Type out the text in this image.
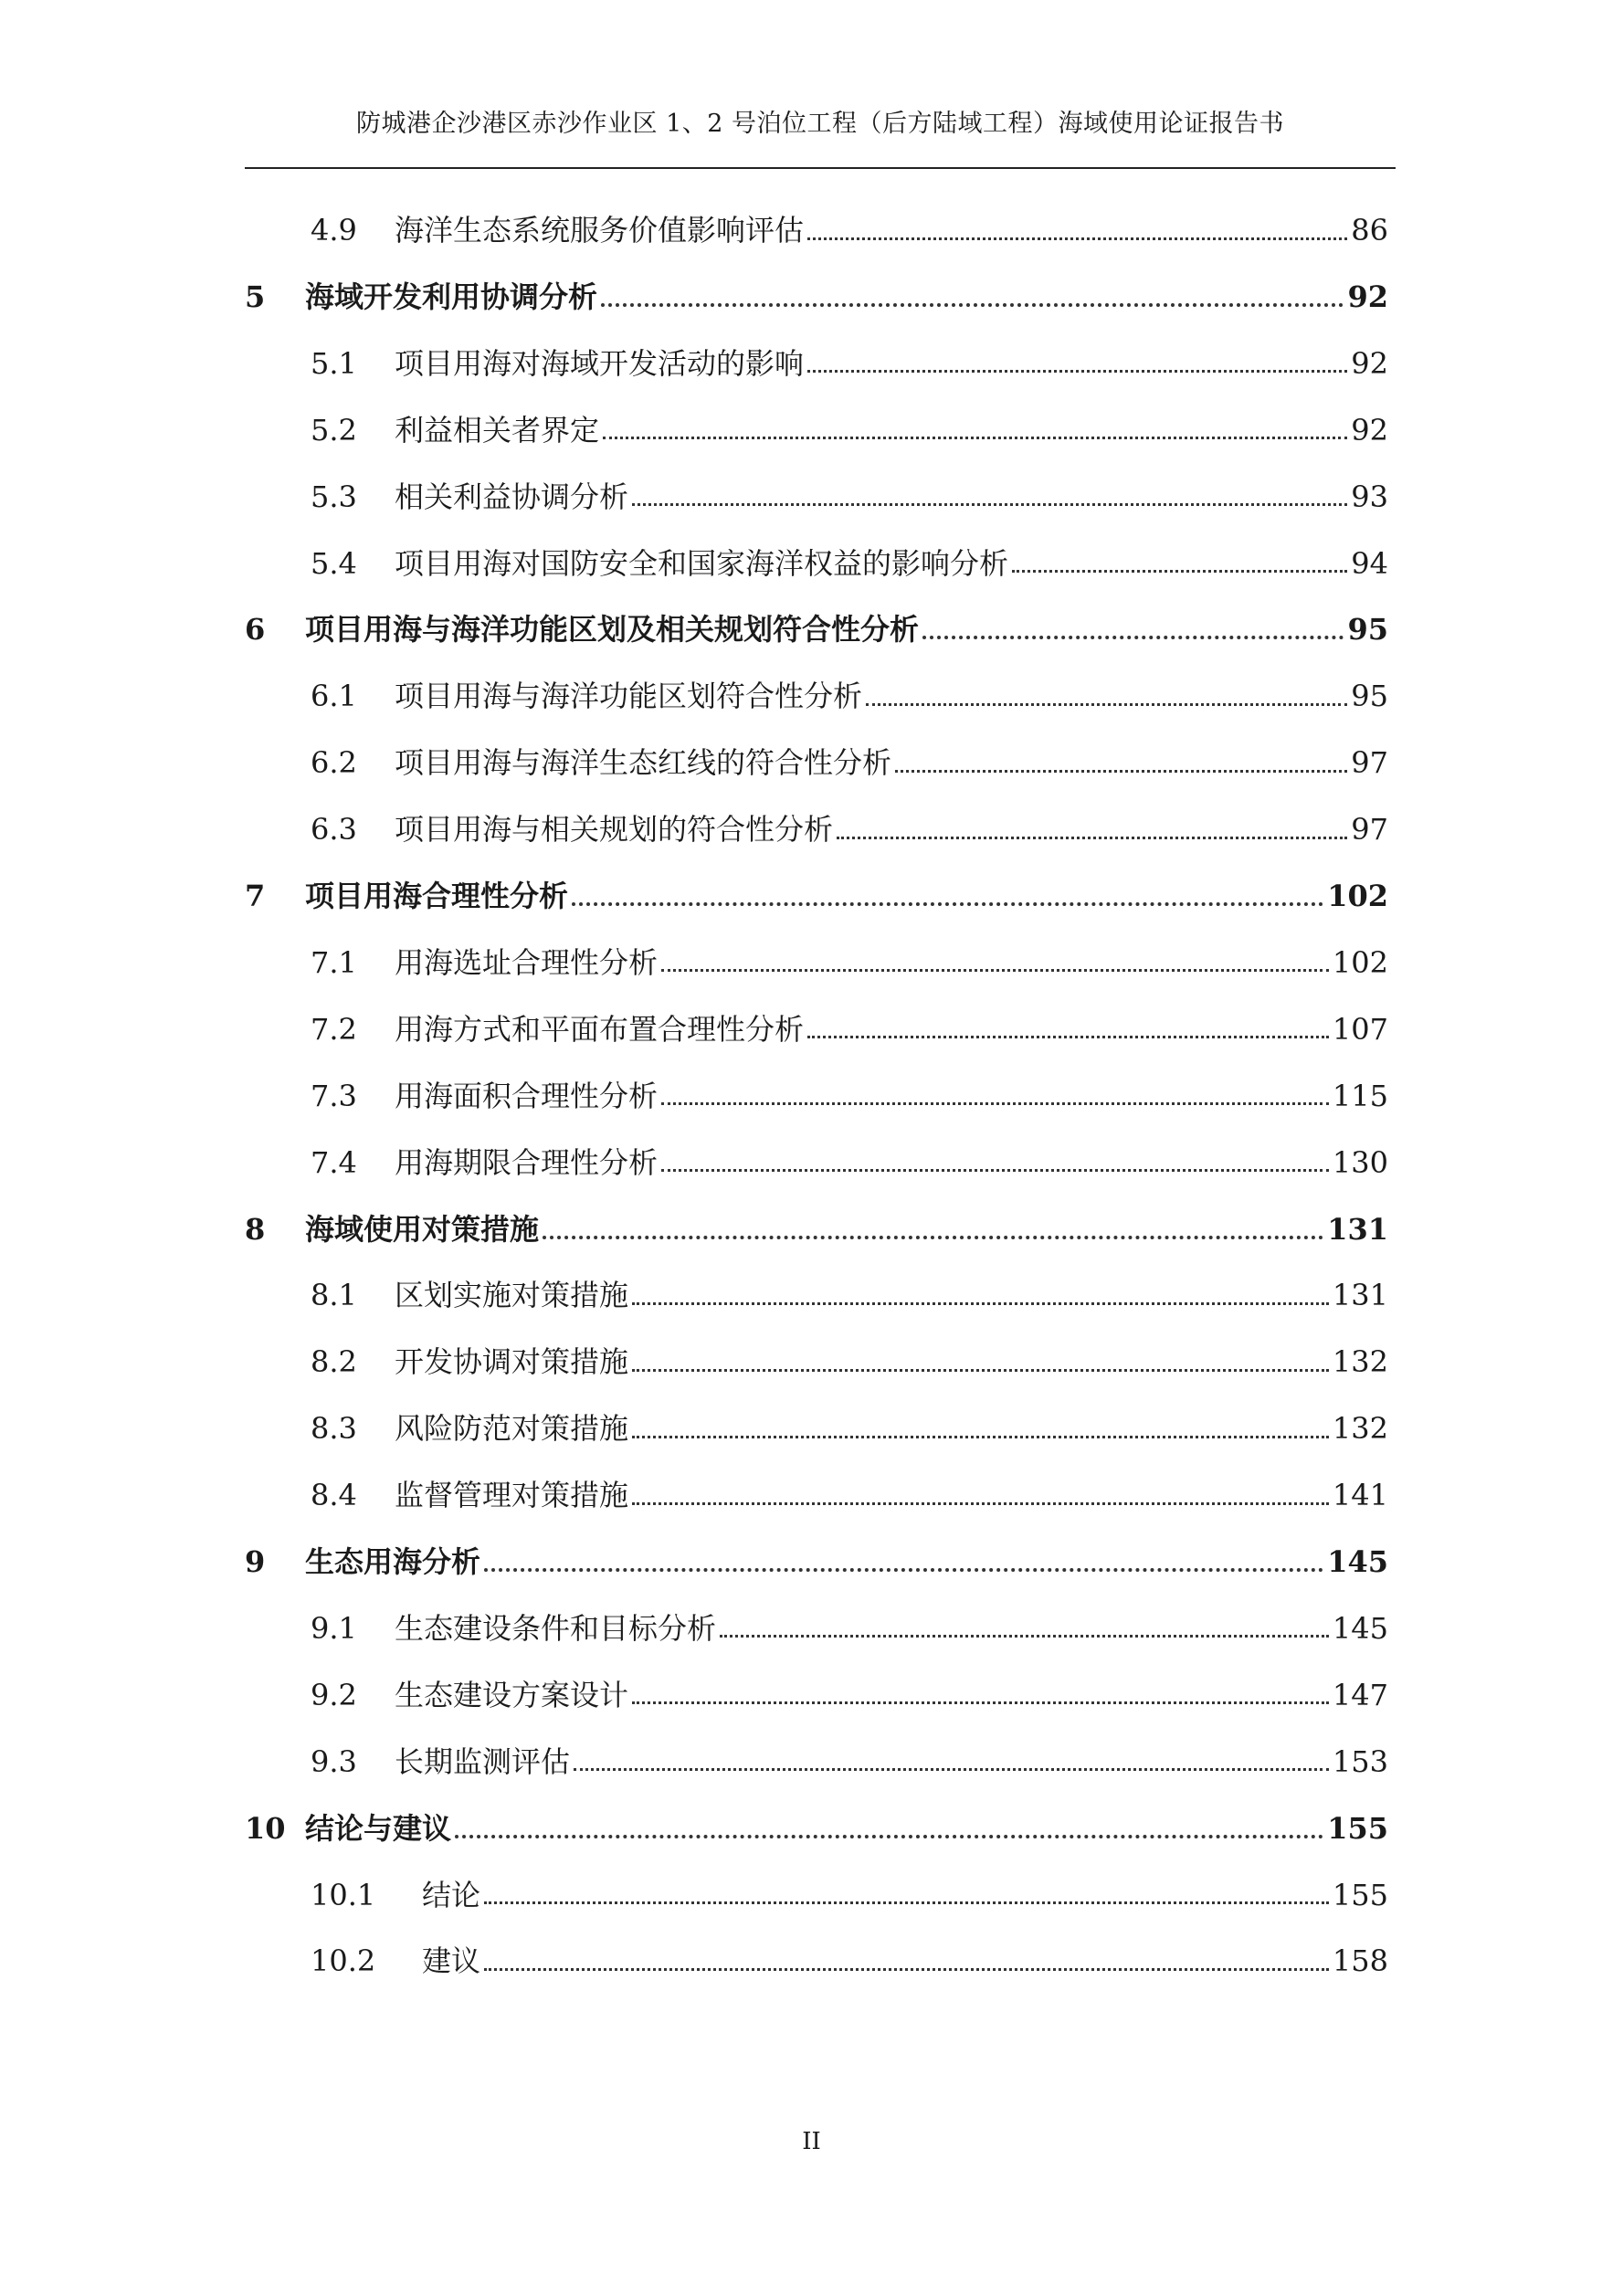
防城港企沙港区赤沙作业区 1、2 号泊位工程（后方陆域工程）海域使用论证报告书
4.9	海洋生态系统服务价值影响评估	86
5	海域开发利用协调分析	92
5.1	项目用海对海域开发活动的影响	92
5.2	利益相关者界定	92
5.3	相关利益协调分析	93
5.4	项目用海对国防安全和国家海洋权益的影响分析	94
6	项目用海与海洋功能区划及相关规划符合性分析	95
6.1	项目用海与海洋功能区划符合性分析	95
6.2	项目用海与海洋生态红线的符合性分析	97
6.3	项目用海与相关规划的符合性分析	97
7	项目用海合理性分析	102
7.1	用海选址合理性分析	102
7.2	用海方式和平面布置合理性分析	107
7.3	用海面积合理性分析	115
7.4	用海期限合理性分析	130
8	海域使用对策措施	131
8.1	区划实施对策措施	131
8.2	开发协调对策措施	132
8.3	风险防范对策措施	132
8.4	监督管理对策措施	141
9	生态用海分析	145
9.1	生态建设条件和目标分析	145
9.2	生态建设方案设计	147
9.3	长期监测评估	153
10 结论与建议	155
10.1	结论	155
10.2	建议	158
II
